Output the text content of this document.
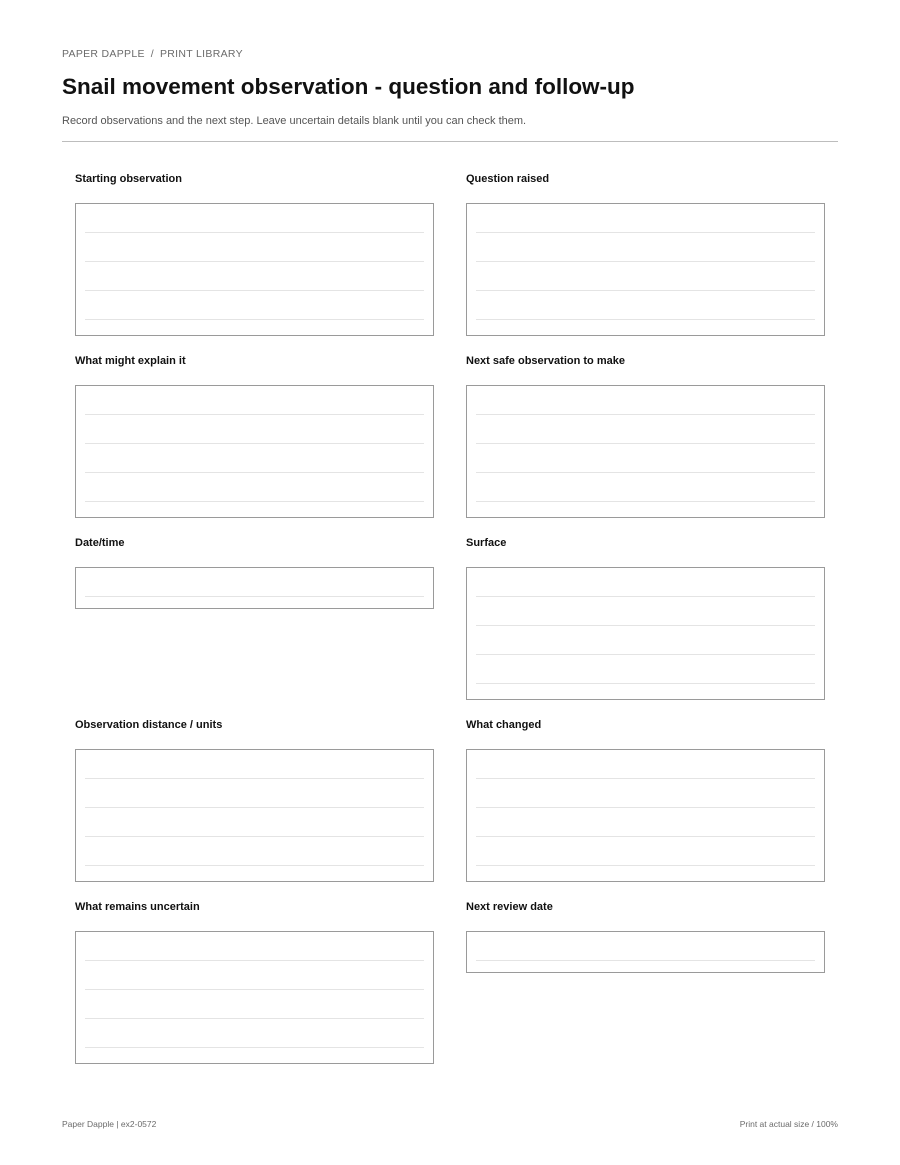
PAPER DAPPLE / PRINT LIBRARY
Snail movement observation - question and follow-up
Record observations and the next step. Leave uncertain details blank until you can check them.
Starting observation	Question raised
What might explain it	Next safe observation to make
Date/time	Surface
Observation distance / units	What changed
What remains uncertain	Next review date
Paper Dapple | ex2-0572	Print at actual size / 100%
